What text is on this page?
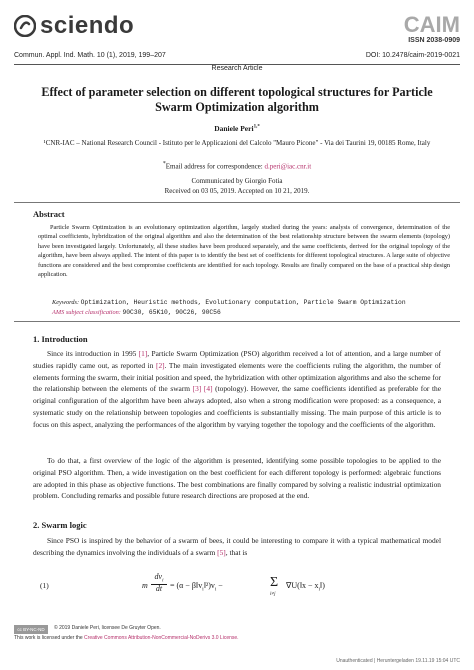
sciendo	CAIM
ISSN 2038-0909
Commun. Appl. Ind. Math. 10 (1), 2019, 199–207	DOI: 10.2478/caim-2019-0021
Research Article
Effect of parameter selection on different topological structures for Particle Swarm Optimization algorithm
Daniele Peri$^{1,*}$
¹CNR-IAC – National Research Council - Istituto per le Applicazioni del Calcolo "Mauro Picone" - Via dei Taurini 19, 00185 Rome, Italy
*Email address for correspondence: d.peri@iac.cnr.it
Communicated by Giorgio Fotia
Received on 03 05, 2019. Accepted on 10 21, 2019.
Abstract
Particle Swarm Optimization is an evolutionary optimization algorithm, largely studied during the years: analysis of convergence, determination of the optimal coefficients, hybridization of the original algorithm and also the determination of the best relationship structure between the swarm elements (topology) have been investigated largely. Unfortunately, all these studies have been produced separately, and the same coefficients, derived for the original topology of the algorithm, have been always applied. The intent of this paper is to identify the best set of coefficients for different topological structures. A large suite of objective functions are considered and the best compromise coefficients are identified for each topology. Results are finally compared on the base of a practical ship design application.
Keywords: Optimization, Heuristic methods, Evolutionary computation, Particle Swarm Optimization
AMS subject classification: 90C30, 65K10, 90C26, 90C56
1. Introduction
Since its introduction in 1995 [1], Particle Swarm Optimization (PSO) algorithm received a lot of attention, and a large number of studies rapidly came out, as reported in [2]. The main investigated elements were the coefficients ruling the algorithm, the number of elements forming the swarm, their initial position and speed, the hybridization with other optimization algorithms and also the scheme for the relationship between the elements of the swarm [3] [4] (topology). However, the same coefficients identified as preferable for the original configuration of the algorithm have been always adopted, also when a strong modification were proposed: as a consequence, a systematic study on the relationship between topologies and coefficients is substantially missing. The main purpose of this article is to focus on this aspect, analyzing the performances of the algorithm by varying together the topology and the coefficients of the algorithm.
To do that, a first overview of the logic of the algorithm is presented, identifying some possible topologies to be applied to the original PSO algorithm. Then, a wide investigation on the best coefficient for each different topology is performed: algebraic functions are adopted in this phase as objective functions. The best combinations are finally compared by solving a realistic industrial optimization problem. Concluding remarks and possible future research directions are proposed at the end.
2. Swarm logic
Since PSO is inspired by the behavior of a swarm of bees, it could be interesting to compare it with a typical mathematical model describing the dynamics involving the individuals of a swarm [5], that is
(1)	m
$dv_i$
dt = $(\alpha - \beta‖v_i‖^2)v_i$ −	Σ
i≠j
∇U(‖x − $x_i‖$)
cc BY-NC-ND	© 2019 Daniele Peri, licensee De Gruyter Open.
This work is licensed under the Creative Commons Attribution-NonCommercial-NoDerivs 3.0 License.
Unauthenticated | Heruntergeladen 19.11.19 15:04 UTC
